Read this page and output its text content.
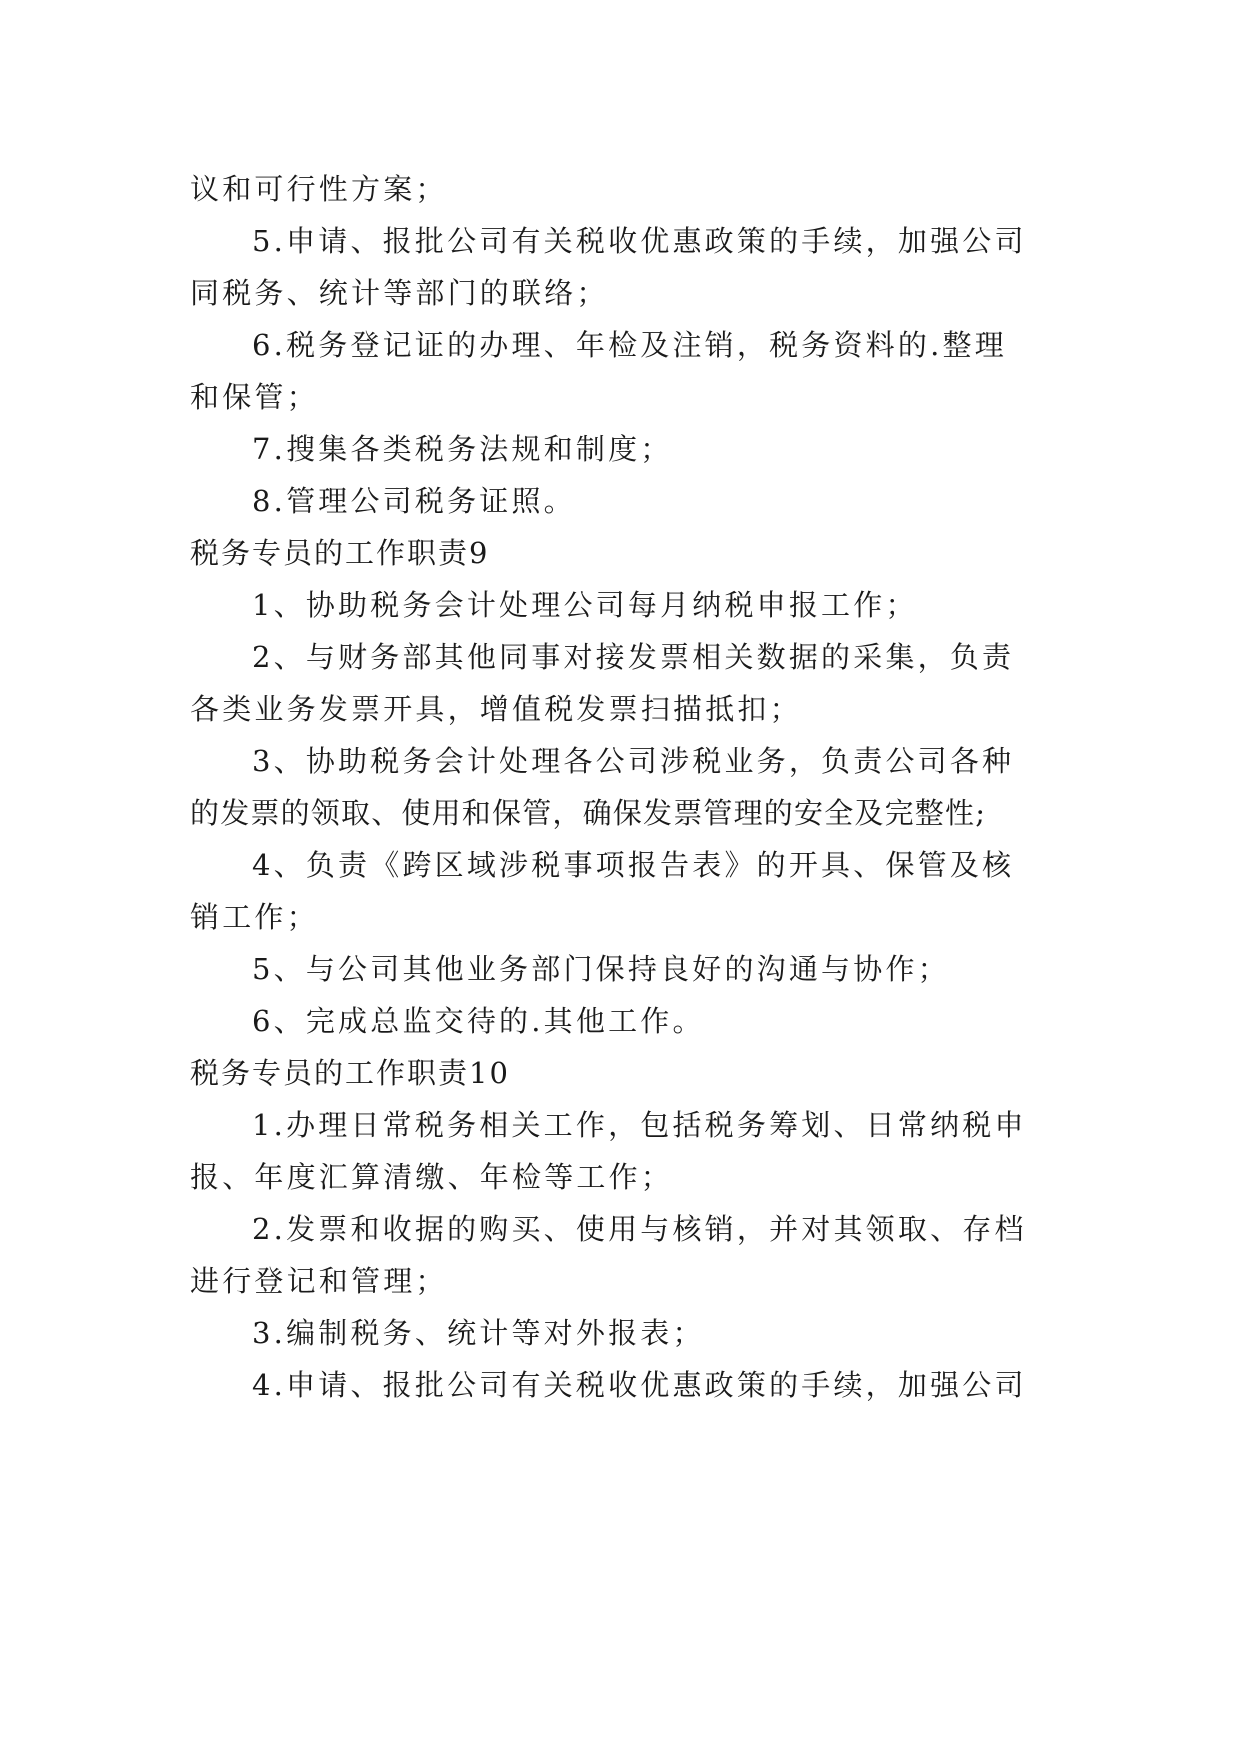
议和可行性方案；
5.申请、报批公司有关税收优惠政策的手续，加强公司
同税务、统计等部门的联络；
6.税务登记证的办理、年检及注销，税务资料的.整理
和保管；
7.搜集各类税务法规和制度；
8.管理公司税务证照。
税务专员的工作职责9
1、协助税务会计处理公司每月纳税申报工作；
2、与财务部其他同事对接发票相关数据的采集，负责
各类业务发票开具，增值税发票扫描抵扣；
3、协助税务会计处理各公司涉税业务，负责公司各种
的发票的领取、使用和保管，确保发票管理的安全及完整性;
4、负责《跨区域涉税事项报告表》的开具、保管及核
销工作；
5、与公司其他业务部门保持良好的沟通与协作；
6、完成总监交待的.其他工作。
税务专员的工作职责10
1.办理日常税务相关工作，包括税务筹划、日常纳税申
报、年度汇算清缴、年检等工作；
2.发票和收据的购买、使用与核销，并对其领取、存档
进行登记和管理；
3.编制税务、统计等对外报表；
4.申请、报批公司有关税收优惠政策的手续，加强公司
